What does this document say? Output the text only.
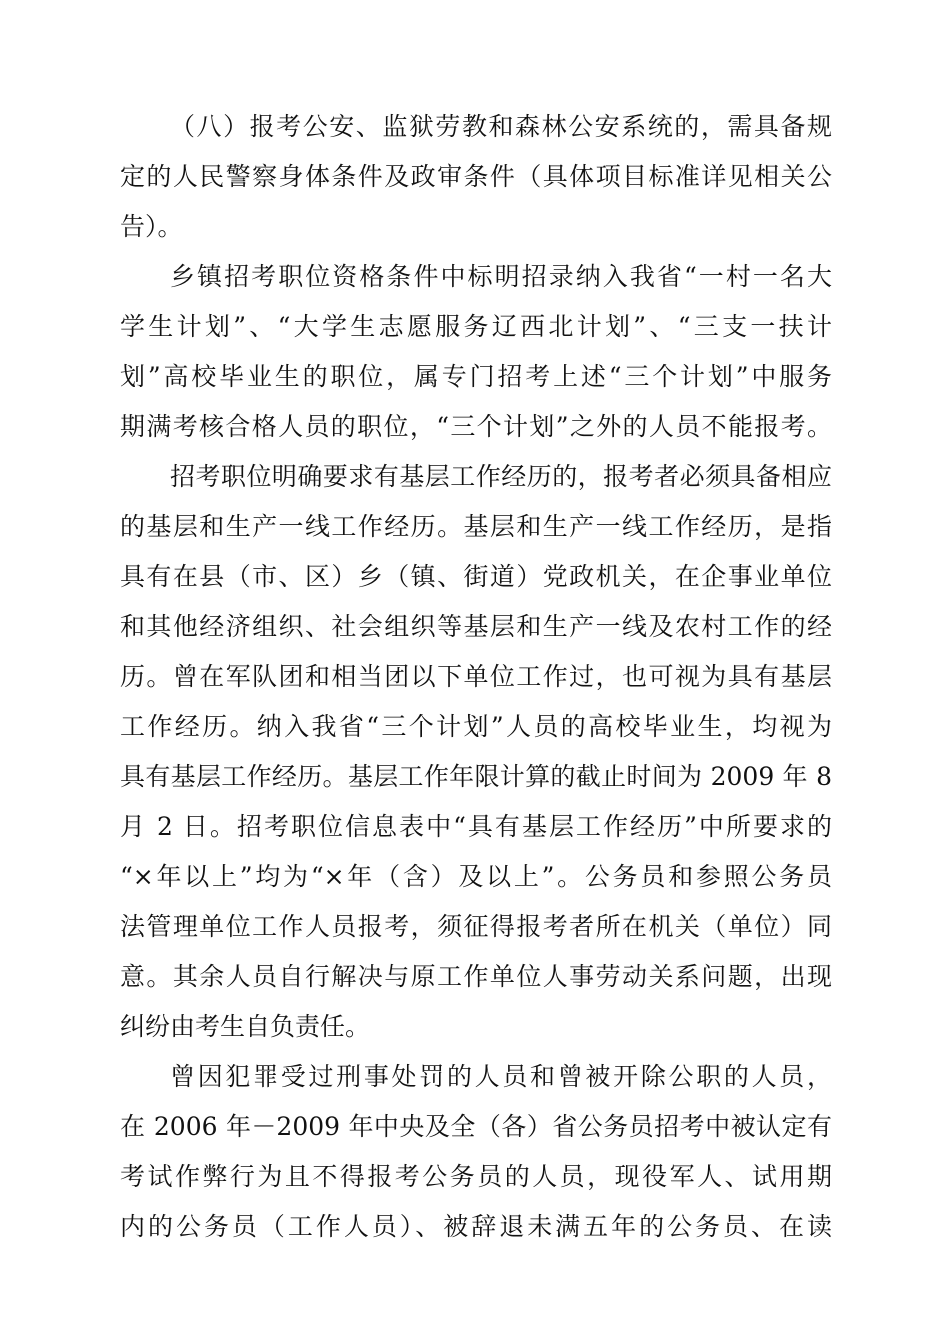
（八）报考公安、监狱劳教和森林公安系统的，需具备规
定的人民警察身体条件及政审条件（具体项目标准详见相关公
告）。
乡镇招考职位资格条件中标明招录纳入我省“一村一名大
学生计划”、“大学生志愿服务辽西北计划”、“三支一扶计
划”高校毕业生的职位，属专门招考上述“三个计划”中服务
期满考核合格人员的职位，“三个计划”之外的人员不能报考。
招考职位明确要求有基层工作经历的，报考者必须具备相应
的基层和生产一线工作经历。基层和生产一线工作经历，是指
具有在县（市、区）乡（镇、街道）党政机关，在企事业单位
和其他经济组织、社会组织等基层和生产一线及农村工作的经
历。曾在军队团和相当团以下单位工作过，也可视为具有基层
工作经历。纳入我省“三个计划”人员的高校毕业生，均视为
具有基层工作经历。基层工作年限计算的截止时间为 2009 年 8
月 2 日。招考职位信息表中“具有基层工作经历”中所要求的
“×年以上”均为“×年（含）及以上”。公务员和参照公务员
法管理单位工作人员报考，须征得报考者所在机关（单位）同
意。其余人员自行解决与原工作单位人事劳动关系问题，出现
纠纷由考生自负责任。
曾因犯罪受过刑事处罚的人员和曾被开除公职的人员，
在 2006 年－2009 年中央及全（各）省公务员招考中被认定有
考试作弊行为且不得报考公务员的人员，现役军人、试用期
内的公务员（工作人员）、被辞退未满五年的公务员、在读
